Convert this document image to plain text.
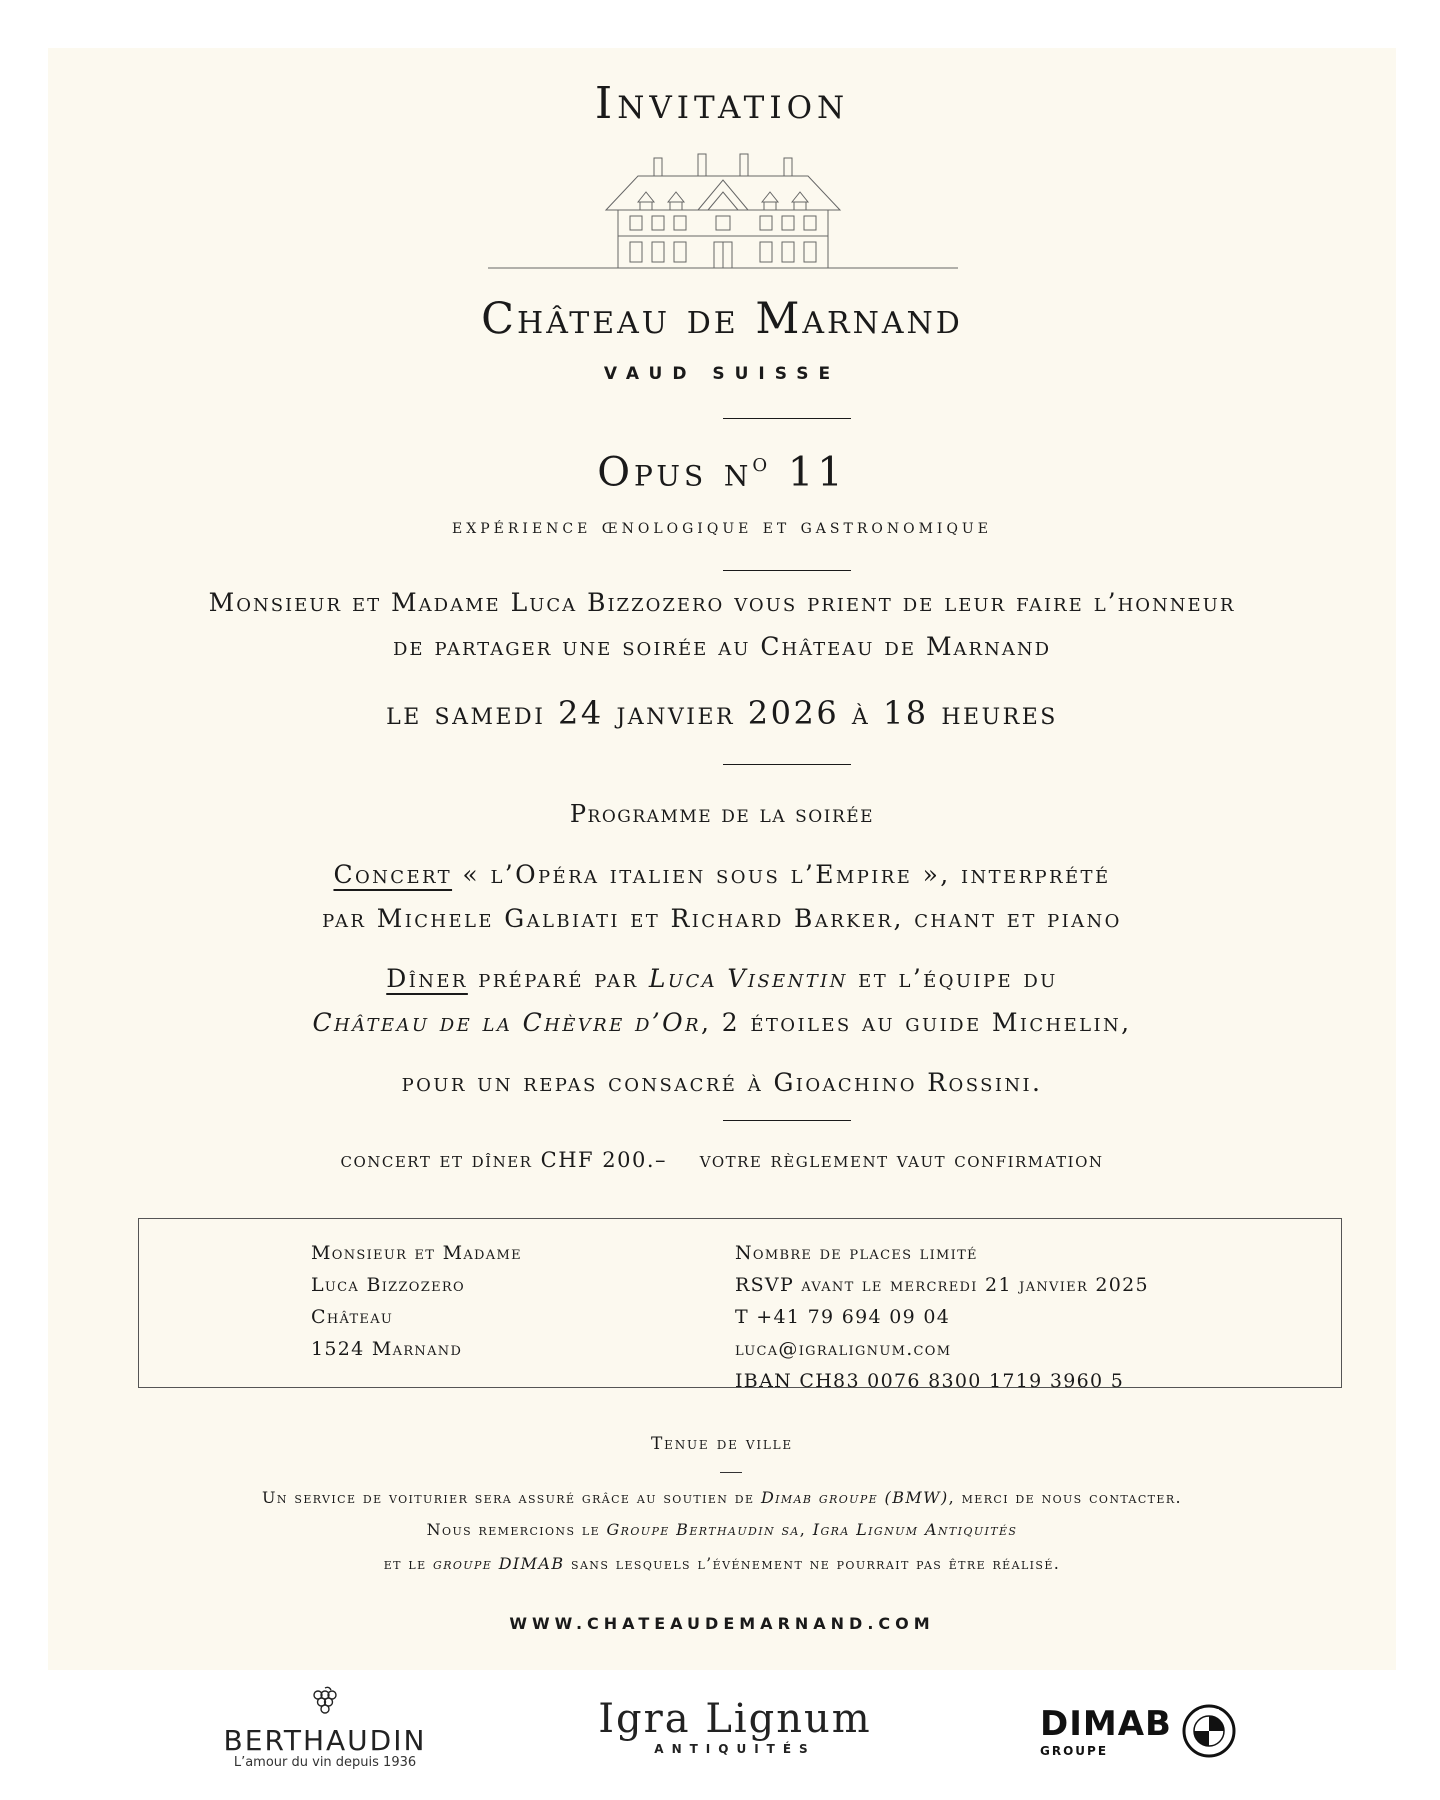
Invitation
Château de Marnand
VAUD SUISSE
Opus $n^o$ 11
expérience œnologique et gastronomique
Monsieur et Madame Luca Bizzozero vous prient de leur faire l’honneur
de partager une soirée au Château de Marnand
le samedi 24 janvier 2026 à 18 heures
Programme de la soirée
Concert « l’Opéra italien sous l’Empire », interprété
par Michele Galbiati et Richard Barker, chant et piano
Dîner préparé par Luca Visentin et l’équipe du
Château de la Chèvre d’Or, 2 étoiles au guide Michelin,
pour un repas consacré à Gioachino Rossini.
concert et dîner CHF 200.– votre règlement vaut confirmation
Monsieur et Madame
Luca Bizzozero
Château
1524 Marnand
Nombre de places limité
RSVP avant le mercredi 21 janvier 2025
T +41 79 694 09 04
luca@igralignum.com
IBAN CH83 0076 8300 1719 3960 5
Tenue de ville
Un service de voiturier sera assuré grâce au soutien de Dimab groupe (BMW), merci de nous contacter.
Nous remercions le Groupe Berthaudin sa, Igra Lignum Antiquités
et le groupe DIMAB sans lesquels l’événement ne pourrait pas être réalisé.
WWW.CHATEAUDEMARNAND.COM
BERTHAUDIN
L’amour du vin depuis 1936
Igra Lignum
ANTIQUITÉS
DIMAB
GROUPE
BMW
